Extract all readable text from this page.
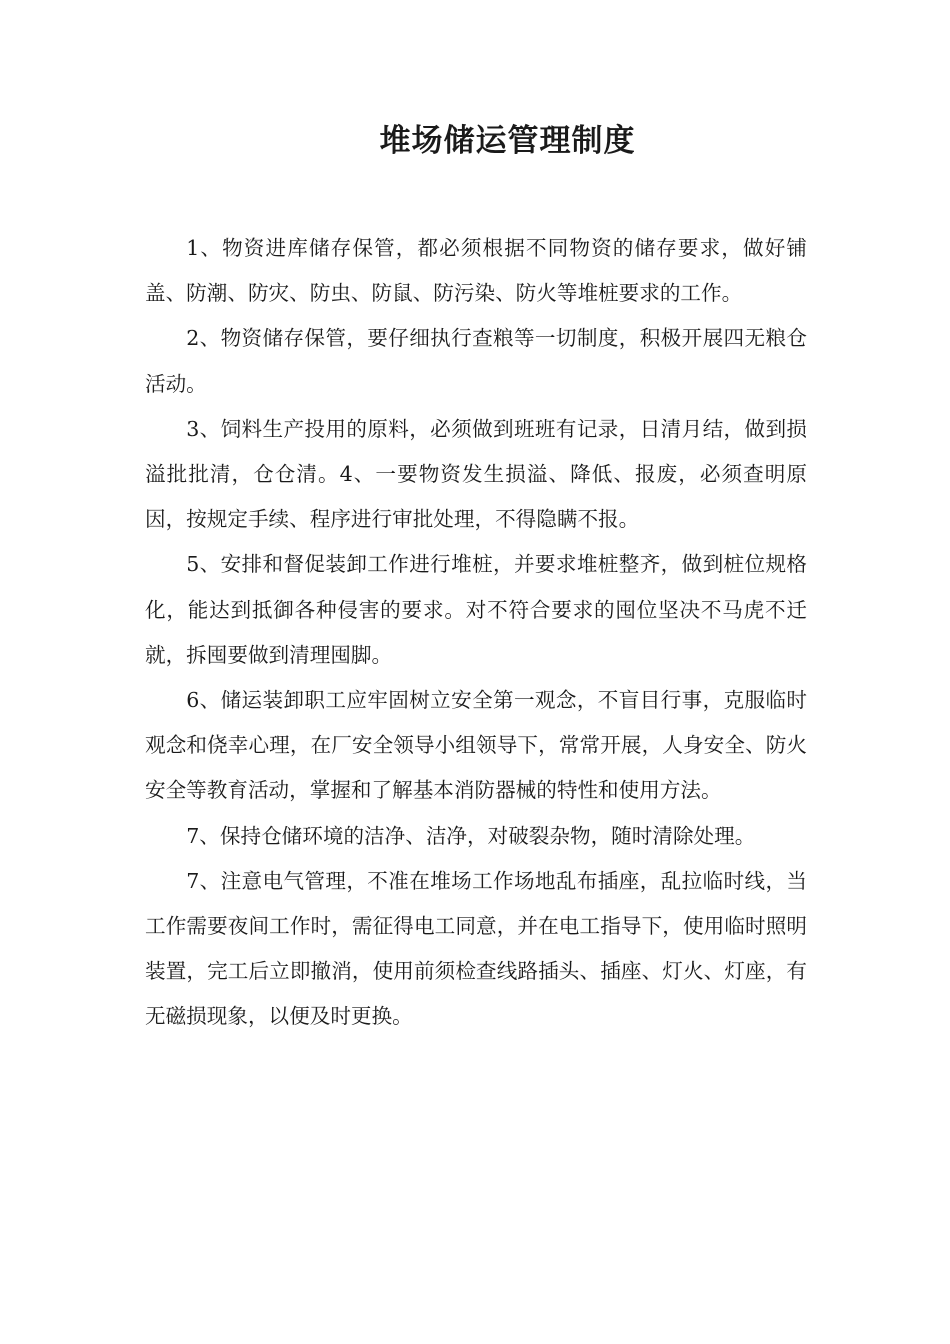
堆场储运管理制度

1、物资进库储存保管，都必须根据不同物资的储存要求，做好铺盖、防潮、防灾、防虫、防鼠、防污染、防火等堆桩要求的工作。

2、物资储存保管，要仔细执行查粮等一切制度，积极开展四无粮仓活动。

3、饲料生产投用的原料，必须做到班班有记录，日清月结，做到损溢批批清，仓仓清。4、一要物资发生损溢、降低、报废，必须查明原因，按规定手续、程序进行审批处理，不得隐瞒不报。

5、安排和督促装卸工作进行堆桩，并要求堆桩整齐，做到桩位规格化，能达到抵御各种侵害的要求。对不符合要求的囤位坚决不马虎不迁就，拆囤要做到清理囤脚。

6、储运装卸职工应牢固树立安全第一观念，不盲目行事，克服临时观念和侥幸心理，在厂安全领导小组领导下，常常开展，人身安全、防火安全等教育活动，掌握和了解基本消防器械的特性和使用方法。

7、保持仓储环境的洁净、洁净，对破裂杂物，随时清除处理。

7、注意电气管理，不准在堆场工作场地乱布插座，乱拉临时线，当工作需要夜间工作时，需征得电工同意，并在电工指导下，使用临时照明装置，完工后立即撤消，使用前须检查线路插头、插座、灯火、灯座，有无磁损现象，以便及时更换。
